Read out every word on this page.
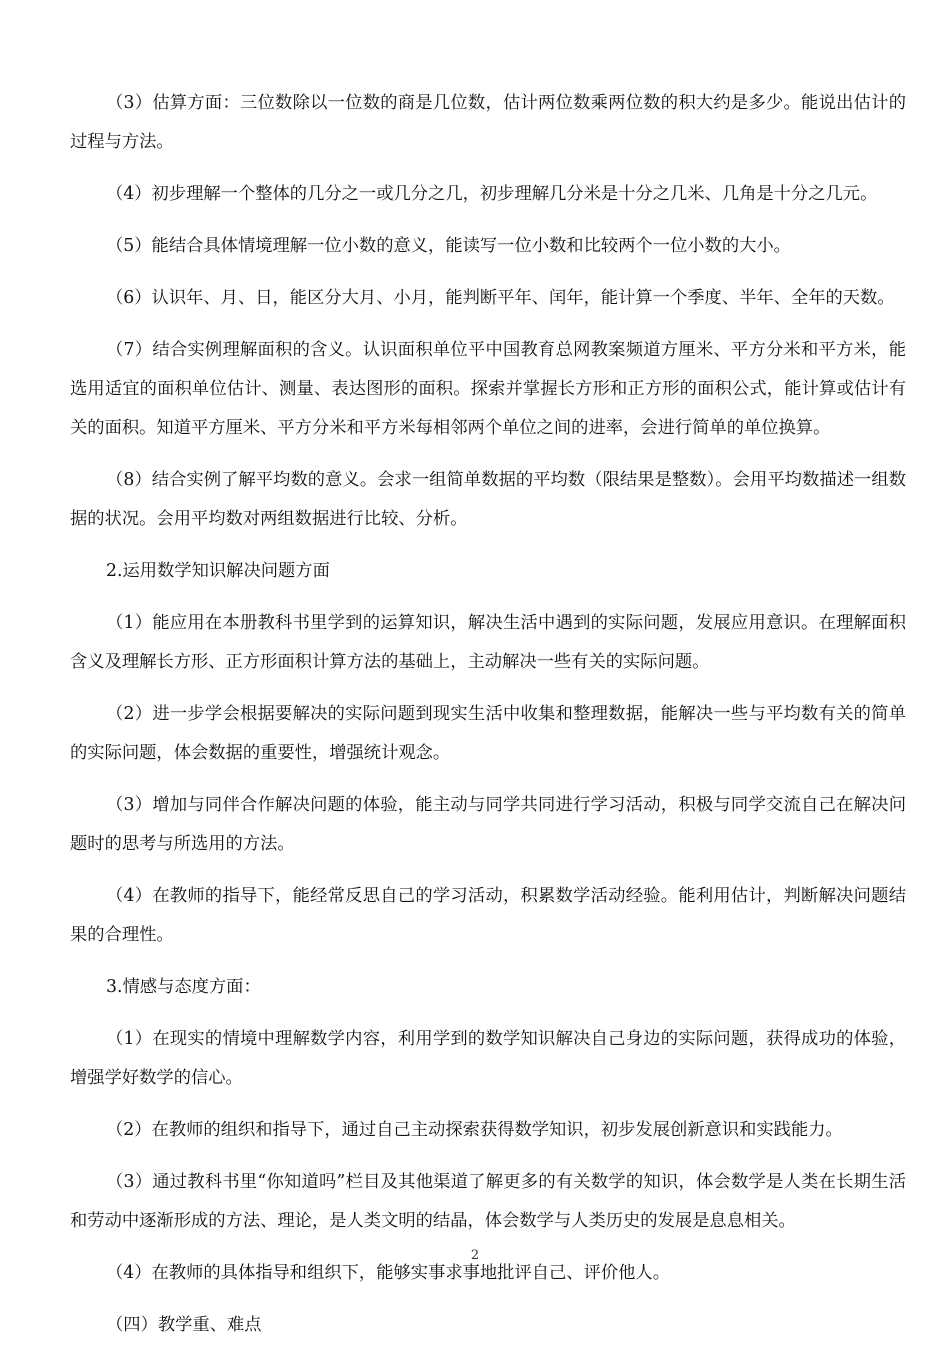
（3）估算方面：三位数除以一位数的商是几位数，估计两位数乘两位数的积大约是多少。能说出估计的过程与方法。

（4）初步理解一个整体的几分之一或几分之几，初步理解几分米是十分之几米、几角是十分之几元。

（5）能结合具体情境理解一位小数的意义，能读写一位小数和比较两个一位小数的大小。

（6）认识年、月、日，能区分大月、小月，能判断平年、闰年，能计算一个季度、半年、全年的天数。

（7）结合实例理解面积的含义。认识面积单位平中国教育总网教案频道方厘米、平方分米和平方米，能选用适宜的面积单位估计、测量、表达图形的面积。探索并掌握长方形和正方形的面积公式，能计算或估计有关的面积。知道平方厘米、平方分米和平方米每相邻两个单位之间的进率，会进行简单的单位换算。

（8）结合实例了解平均数的意义。会求一组简单数据的平均数（限结果是整数）。会用平均数描述一组数据的状况。会用平均数对两组数据进行比较、分析。

2.运用数学知识解决问题方面

（1）能应用在本册教科书里学到的运算知识，解决生活中遇到的实际问题，发展应用意识。在理解面积含义及理解长方形、正方形面积计算方法的基础上，主动解决一些有关的实际问题。

（2）进一步学会根据要解决的实际问题到现实生活中收集和整理数据，能解决一些与平均数有关的简单的实际问题，体会数据的重要性，增强统计观念。

（3）增加与同伴合作解决问题的体验，能主动与同学共同进行学习活动，积极与同学交流自己在解决问题时的思考与所选用的方法。

（4）在教师的指导下，能经常反思自己的学习活动，积累数学活动经验。能利用估计，判断解决问题结果的合理性。

3.情感与态度方面：

（1）在现实的情境中理解数学内容，利用学到的数学知识解决自己身边的实际问题，获得成功的体验，增强学好数学的信心。

（2）在教师的组织和指导下，通过自己主动探索获得数学知识，初步发展创新意识和实践能力。

（3）通过教科书里“你知道吗”栏目及其他渠道了解更多的有关数学的知识，体会数学是人类在长期生活和劳动中逐渐形成的方法、理论，是人类文明的结晶，体会数学与人类历史的发展是息息相关。

（4）在教师的具体指导和组织下，能够实事求事地批评自己、评价他人。

（四）教学重、难点

2
